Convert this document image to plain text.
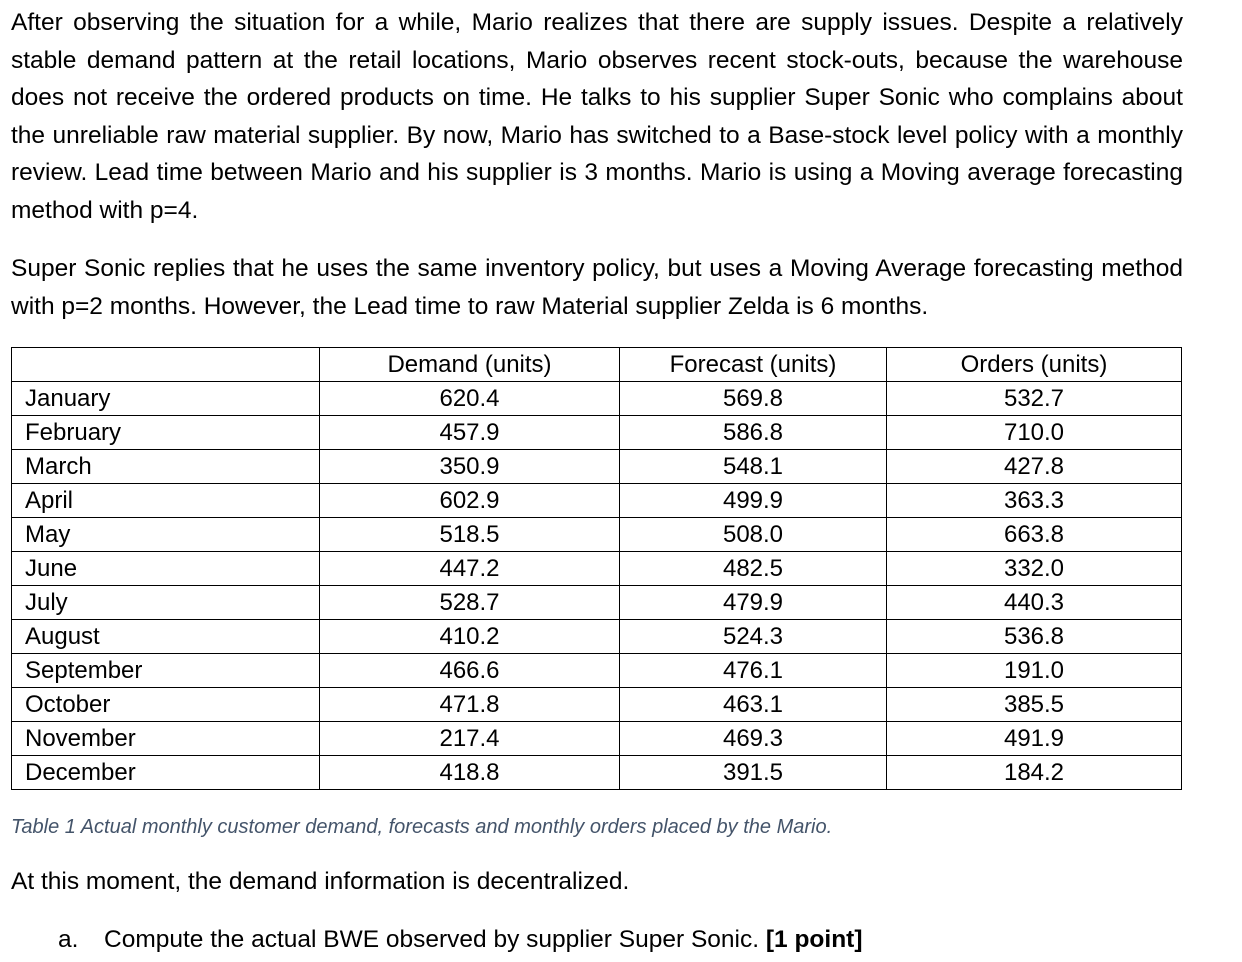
After observing the situation for a while, Mario realizes that there are supply issues. Despite a relatively stable demand pattern at the retail locations, Mario observes recent stock-outs, because the warehouse does not receive the ordered products on time. He talks to his supplier Super Sonic who complains about the unreliable raw material supplier. By now, Mario has switched to a Base-stock level policy with a monthly review. Lead time between Mario and his supplier is 3 months. Mario is using a Moving average forecasting method with p=4.

Super Sonic replies that he uses the same inventory policy, but uses a Moving Average forecasting method with p=2 months. However, the Lead time to raw Material supplier Zelda is 6 months.

	Demand (units)	Forecast (units)	Orders (units)
January	620.4	569.8	532.7
February	457.9	586.8	710.0
March	350.9	548.1	427.8
April	602.9	499.9	363.3
May	518.5	508.0	663.8
June	447.2	482.5	332.0
July	528.7	479.9	440.3
August	410.2	524.3	536.8
September	466.6	476.1	191.0
October	471.8	463.1	385.5
November	217.4	469.3	491.9
December	418.8	391.5	184.2

Table 1 Actual monthly customer demand, forecasts and monthly orders placed by the Mario.

At this moment, the demand information is decentralized.

a. Compute the actual BWE observed by supplier Super Sonic. [1 point]
